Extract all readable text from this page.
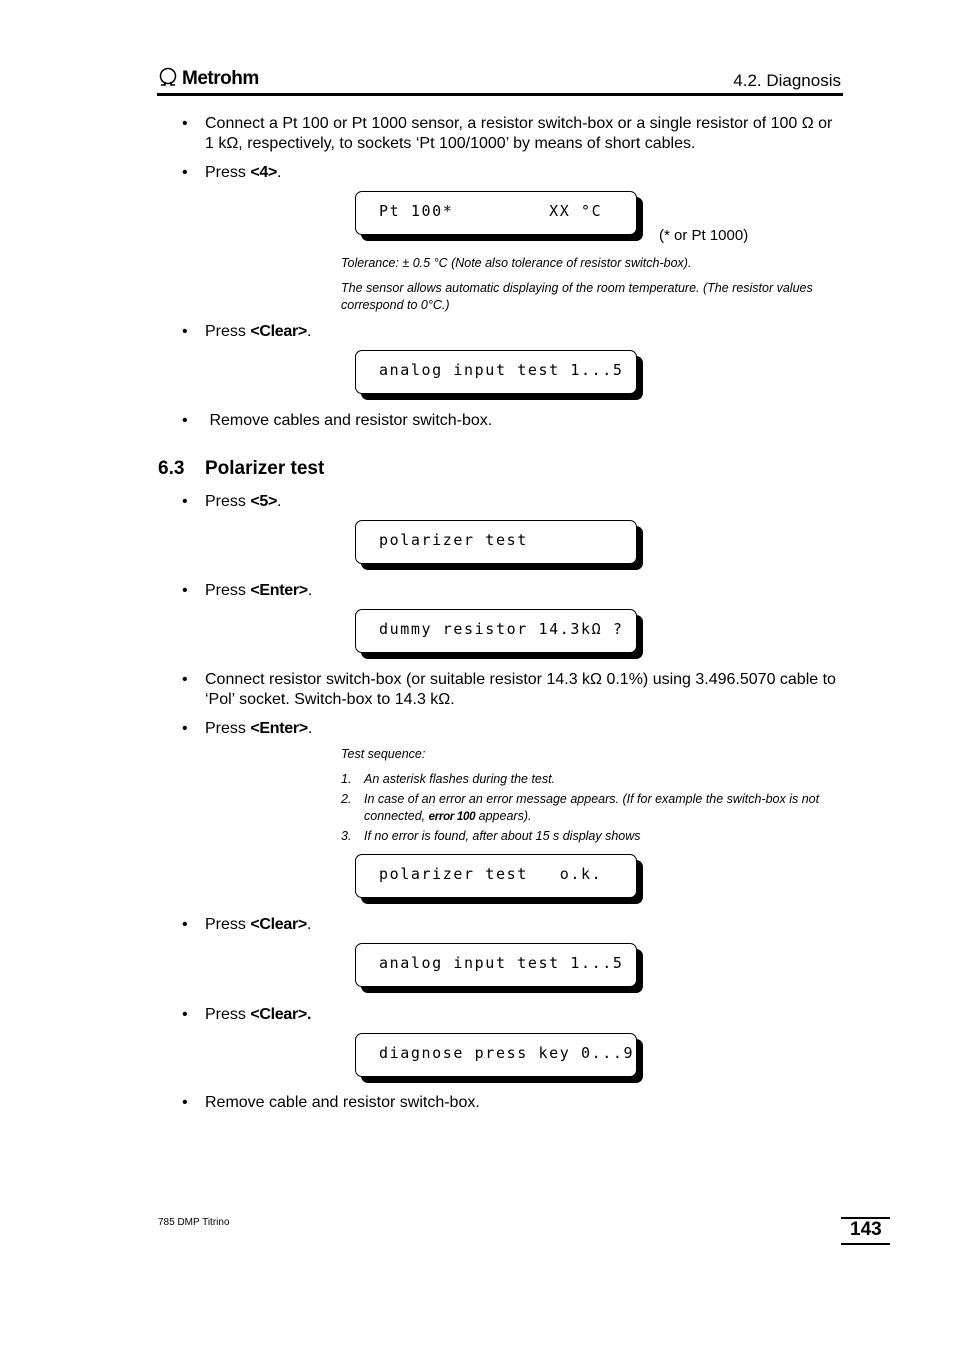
Metrohm	4.2. Diagnosis
• Connect a Pt 100 or Pt 1000 sensor, a resistor switch-box or a single resistor of 100 Ω or
1 kΩ, respectively, to sockets ‘Pt 100/1000’ by means of short cables.
• Press <4>.
Pt 100*         XX °C
(* or Pt 1000)
Tolerance: ± 0.5 °C (Note also tolerance of resistor switch-box).
The sensor allows automatic displaying of the room temperature. (The resistor values
correspond to 0°C.)
• Press <Clear>.
analog input test 1...5
• Remove cables and resistor switch-box.
6.3 Polarizer test
• Press <5>.
polarizer test
• Press <Enter>.
dummy resistor 14.3kΩ ?
• Connect resistor switch-box (or suitable resistor 14.3 kΩ 0.1%) using 3.496.5070 cable to
‘Pol’ socket. Switch-box to 14.3 kΩ.
• Press <Enter>.
Test sequence:
1. An asterisk flashes during the test.
2. In case of an error an error message appears. (If for example the switch-box is not
connected, error 100 appears).
3. If no error is found, after about 15 s display shows
polarizer test   o.k.
• Press <Clear>.
analog input test 1...5
• Press <Clear>.
diagnose press key 0...9
• Remove cable and resistor switch-box.
785 DMP Titrino	143
